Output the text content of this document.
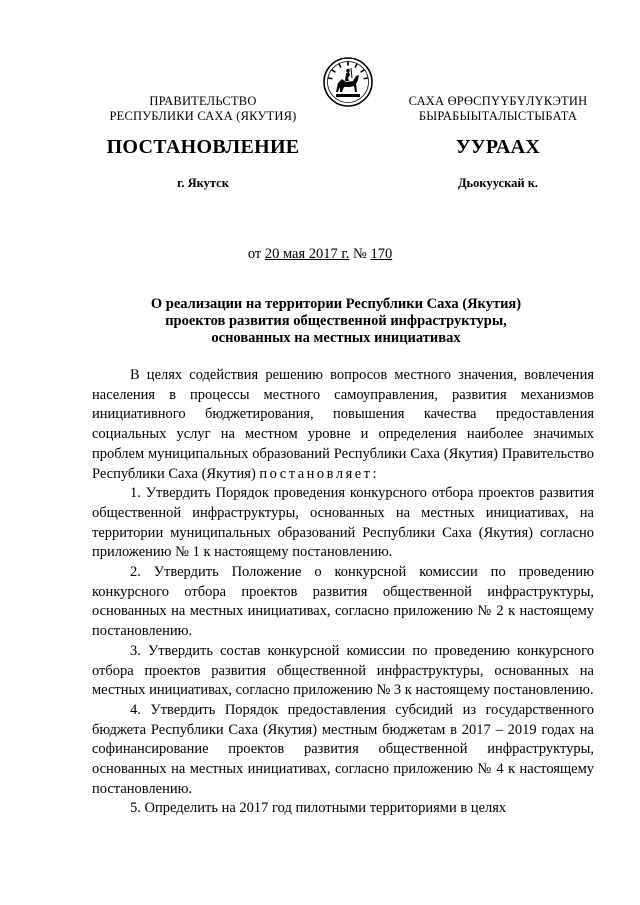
ПРАВИТЕЛЬСТВО
РЕСПУБЛИКИ САХА (ЯКУТИЯ)
САХА ӨРӨСПҮҮБҮЛҮКЭТИН
БЫРАБЫЫТАЛЫСТЫБАТА
ПОСТАНОВЛЕНИЕ	УУРААХ
г. Якутск	Дьокуускай к.
от 20 мая 2017 г. № 170
О реализации на территории Республики Саха (Якутия)
проектов развития общественной инфраструктуры,
основанных на местных инициативах

В целях содействия решению вопросов местного значения, вовлечения населения в процессы местного самоуправления, развития механизмов инициативного бюджетирования, повышения качества предоставления социальных услуг на местном уровне и определения наиболее значимых проблем муниципальных образований Республики Саха (Якутия) Правительство Республики Саха (Якутия) постановляет:

1. Утвердить Порядок проведения конкурсного отбора проектов развития общественной инфраструктуры, основанных на местных инициативах, на территории муниципальных образований Республики Саха (Якутия) согласно приложению № 1 к настоящему постановлению.

2. Утвердить Положение о конкурсной комиссии по проведению конкурсного отбора проектов развития общественной инфраструктуры, основанных на местных инициативах, согласно приложению № 2 к настоящему постановлению.

3. Утвердить состав конкурсной комиссии по проведению конкурсного отбора проектов развития общественной инфраструктуры, основанных на местных инициативах, согласно приложению № 3 к настоящему постановлению.

4. Утвердить Порядок предоставления субсидий из государственного бюджета Республики Саха (Якутия) местным бюджетам в 2017 – 2019 годах на софинансирование проектов развития общественной инфраструктуры, основанных на местных инициативах, согласно приложению № 4 к настоящему постановлению.

5. Определить на 2017 год пилотными территориями в целях
